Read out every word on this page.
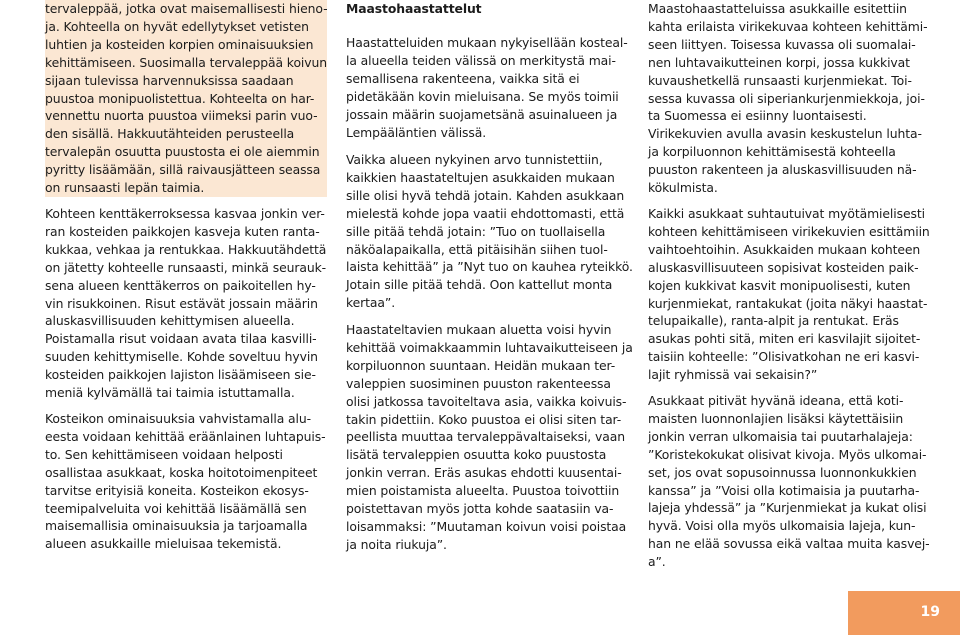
tervaleppää, jotka ovat maisemallisesti hieno-
ja. Kohteella on hyvät edellytykset vetisten
luhtien ja kosteiden korpien ominaisuuksien
kehittämiseen. Suosimalla tervaleppää koivun
sijaan tulevissa harvennuksissa saadaan
puustoa monipuolistettua. Kohteelta on har-
vennettu nuorta puustoa viimeksi parin vuo-
den sisällä. Hakkuutähteiden perusteella
tervalepän osuutta puustosta ei ole aiemmin
pyritty lisäämään, sillä raivausjätteen seassa
on runsaasti lepän taimia.
Kohteen kenttäkerroksessa kasvaa jonkin ver-
ran kosteiden paikkojen kasveja kuten ranta-
kukkaa, vehkaa ja rentukkaa. Hakkuutähdettä
on jätetty kohteelle runsaasti, minkä seurauk-
sena alueen kenttäkerros on paikoitellen hy-
vin risukkoinen. Risut estävät jossain määrin
aluskasvillisuuden kehittymisen alueella.
Poistamalla risut voidaan avata tilaa kasvilli-
suuden kehittymiselle. Kohde soveltuu hyvin
kosteiden paikkojen lajiston lisäämiseen sie-
meniä kylvämällä tai taimia istuttamalla.
Kosteikon ominaisuuksia vahvistamalla alu-
eesta voidaan kehittää eräänlainen luhtapuis-
to. Sen kehittämiseen voidaan helposti
osallistaa asukkaat, koska hoitotoimenpiteet
tarvitse erityisiä koneita. Kosteikon ekosys-
teemipalveluita voi kehittää lisäämällä sen
maisemallisia ominaisuuksia ja tarjoamalla
alueen asukkaille mieluisaa tekemistä.
Maastohaastattelut
Haastatteluiden mukaan nykyisellään kosteal-
la alueella teiden välissä on merkitystä mai-
semallisena rakenteena, vaikka sitä ei
pidetäkään kovin mieluisana. Se myös toimii
jossain määrin suojametsänä asuinalueen ja
Lempääläntien välissä.
Vaikka alueen nykyinen arvo tunnistettiin,
kaikkien haastateltujen asukkaiden mukaan
sille olisi hyvä tehdä jotain. Kahden asukkaan
mielestä kohde jopa vaatii ehdottomasti, että
sille pitää tehdä jotain: ”Tuo on tuollaisella
näköalapaikalla, että pitäisihän siihen tuol-
laista kehittää” ja ”Nyt tuo on kauhea ryteikkö.
Jotain sille pitää tehdä. Oon kattellut monta
kertaa”.
Haastateltavien mukaan aluetta voisi hyvin
kehittää voimakkaammin luhtavaikutteiseen ja
korpiluonnon suuntaan. Heidän mukaan ter-
valeppien suosiminen puuston rakenteessa
olisi jatkossa tavoiteltava asia, vaikka koivuis-
takin pidettiin. Koko puustoa ei olisi siten tar-
peellista muuttaa tervaleppävaltaiseksi, vaan
lisätä tervaleppien osuutta koko puustosta
jonkin verran. Eräs asukas ehdotti kuusentai-
mien poistamista alueelta. Puustoa toivottiin
poistettavan myös jotta kohde saatasiin va-
loisammaksi: ”Muutaman koivun voisi poistaa
ja noita riukuja”.
Maastohaastatteluissa asukkaille esitettiin
kahta erilaista virikekuvaa kohteen kehittämi-
seen liittyen. Toisessa kuvassa oli suomalai-
nen luhtavaikutteinen korpi, jossa kukkivat
kuvaushetkellä runsaasti kurjenmiekat. Toi-
sessa kuvassa oli siperiankurjenmiekkoja, joi-
ta Suomessa ei esiinny luontaisesti.
Virikekuvien avulla avasin keskustelun luhta-
ja korpiluonnon kehittämisestä kohteella
puuston rakenteen ja aluskasvillisuuden nä-
kökulmista.
Kaikki asukkaat suhtautuivat myötämielisesti
kohteen kehittämiseen virikekuvien esittämiin
vaihtoehtoihin. Asukkaiden mukaan kohteen
aluskasvillisuuteen sopisivat kosteiden paik-
kojen kukkivat kasvit monipuolisesti, kuten
kurjenmiekat, rantakukat (joita näkyi haastat-
telupaikalle), ranta-alpit ja rentukat. Eräs
asukas pohti sitä, miten eri kasvilajit sijoitet-
taisiin kohteelle: ”Olisivatkohan ne eri kasvi-
lajit ryhmissä vai sekaisin?”
Asukkaat pitivät hyvänä ideana, että koti-
maisten luonnonlajien lisäksi käytettäisiin
jonkin verran ulkomaisia tai puutarhalajeja:
”Koristekokukat olisivat kivoja. Myös ulkomai-
set, jos ovat sopusoinnussa luonnonkukkien
kanssa” ja ”Voisi olla kotimaisia ja puutarha-
lajeja yhdessä” ja ”Kurjenmiekat ja kukat olisi
hyvä. Voisi olla myös ulkomaisia lajeja, kun-
han ne elää sovussa eikä valtaa muita kasvej-
a”.
19
